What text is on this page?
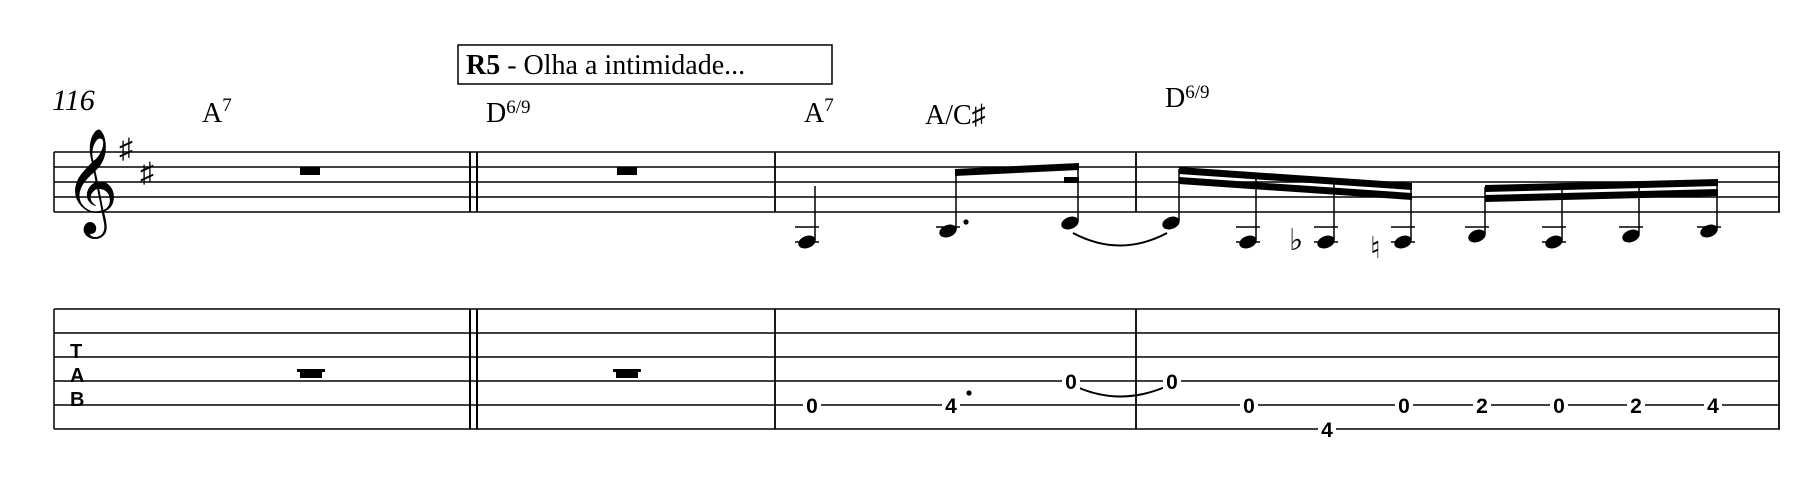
116
R5 - Olha a intimidade...
$A^7$	$D^{6/9}$	$A^7$	A/C♯
$D^{6/9}$
𝄞 ♯
♯
T
A
B
♭ ♮
0	4
0	0
0
4
0	2	0	2	4
